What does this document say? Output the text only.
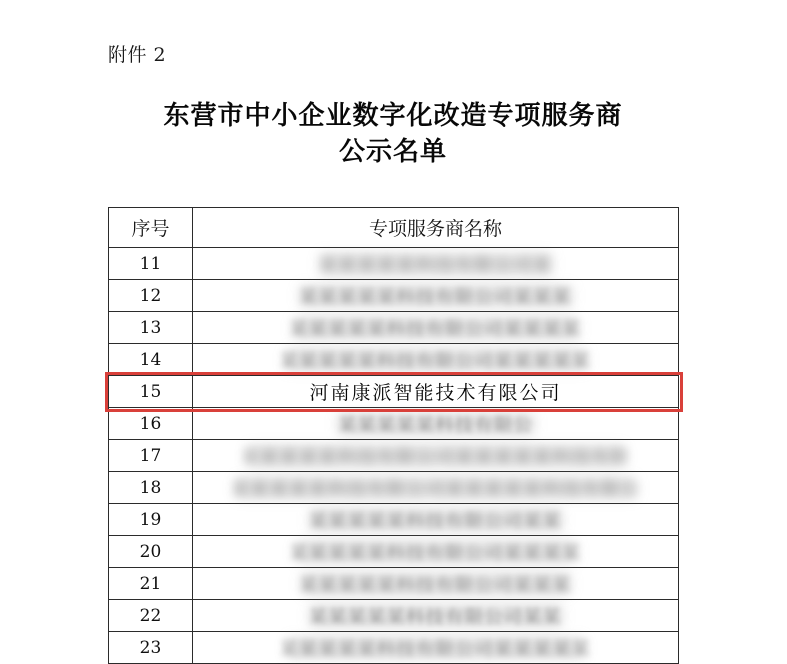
附件 2
东营市中小企业数字化改造专项服务商
公示名单
序号	专项服务商名称
11	某某某某某科技有限公司某
12	某某某某某科技有限公司某某某
13	某某某某某科技有限公司某某某某
14	某某某某某科技有限公司某某某某某
15	河南康派智能技术有限公司
16	某某某某某科技有限公
17	某某某某某科技有限公司某某某某某科技有限
18	某某某某某科技有限公司某某某某某科技有限公
19	某某某某某科技有限公司某某
20	某某某某某科技有限公司某某某某
21	某某某某某科技有限公司某某某
22	某某某某某科技有限公司某某
23	某某某某某科技有限公司某某某某某
